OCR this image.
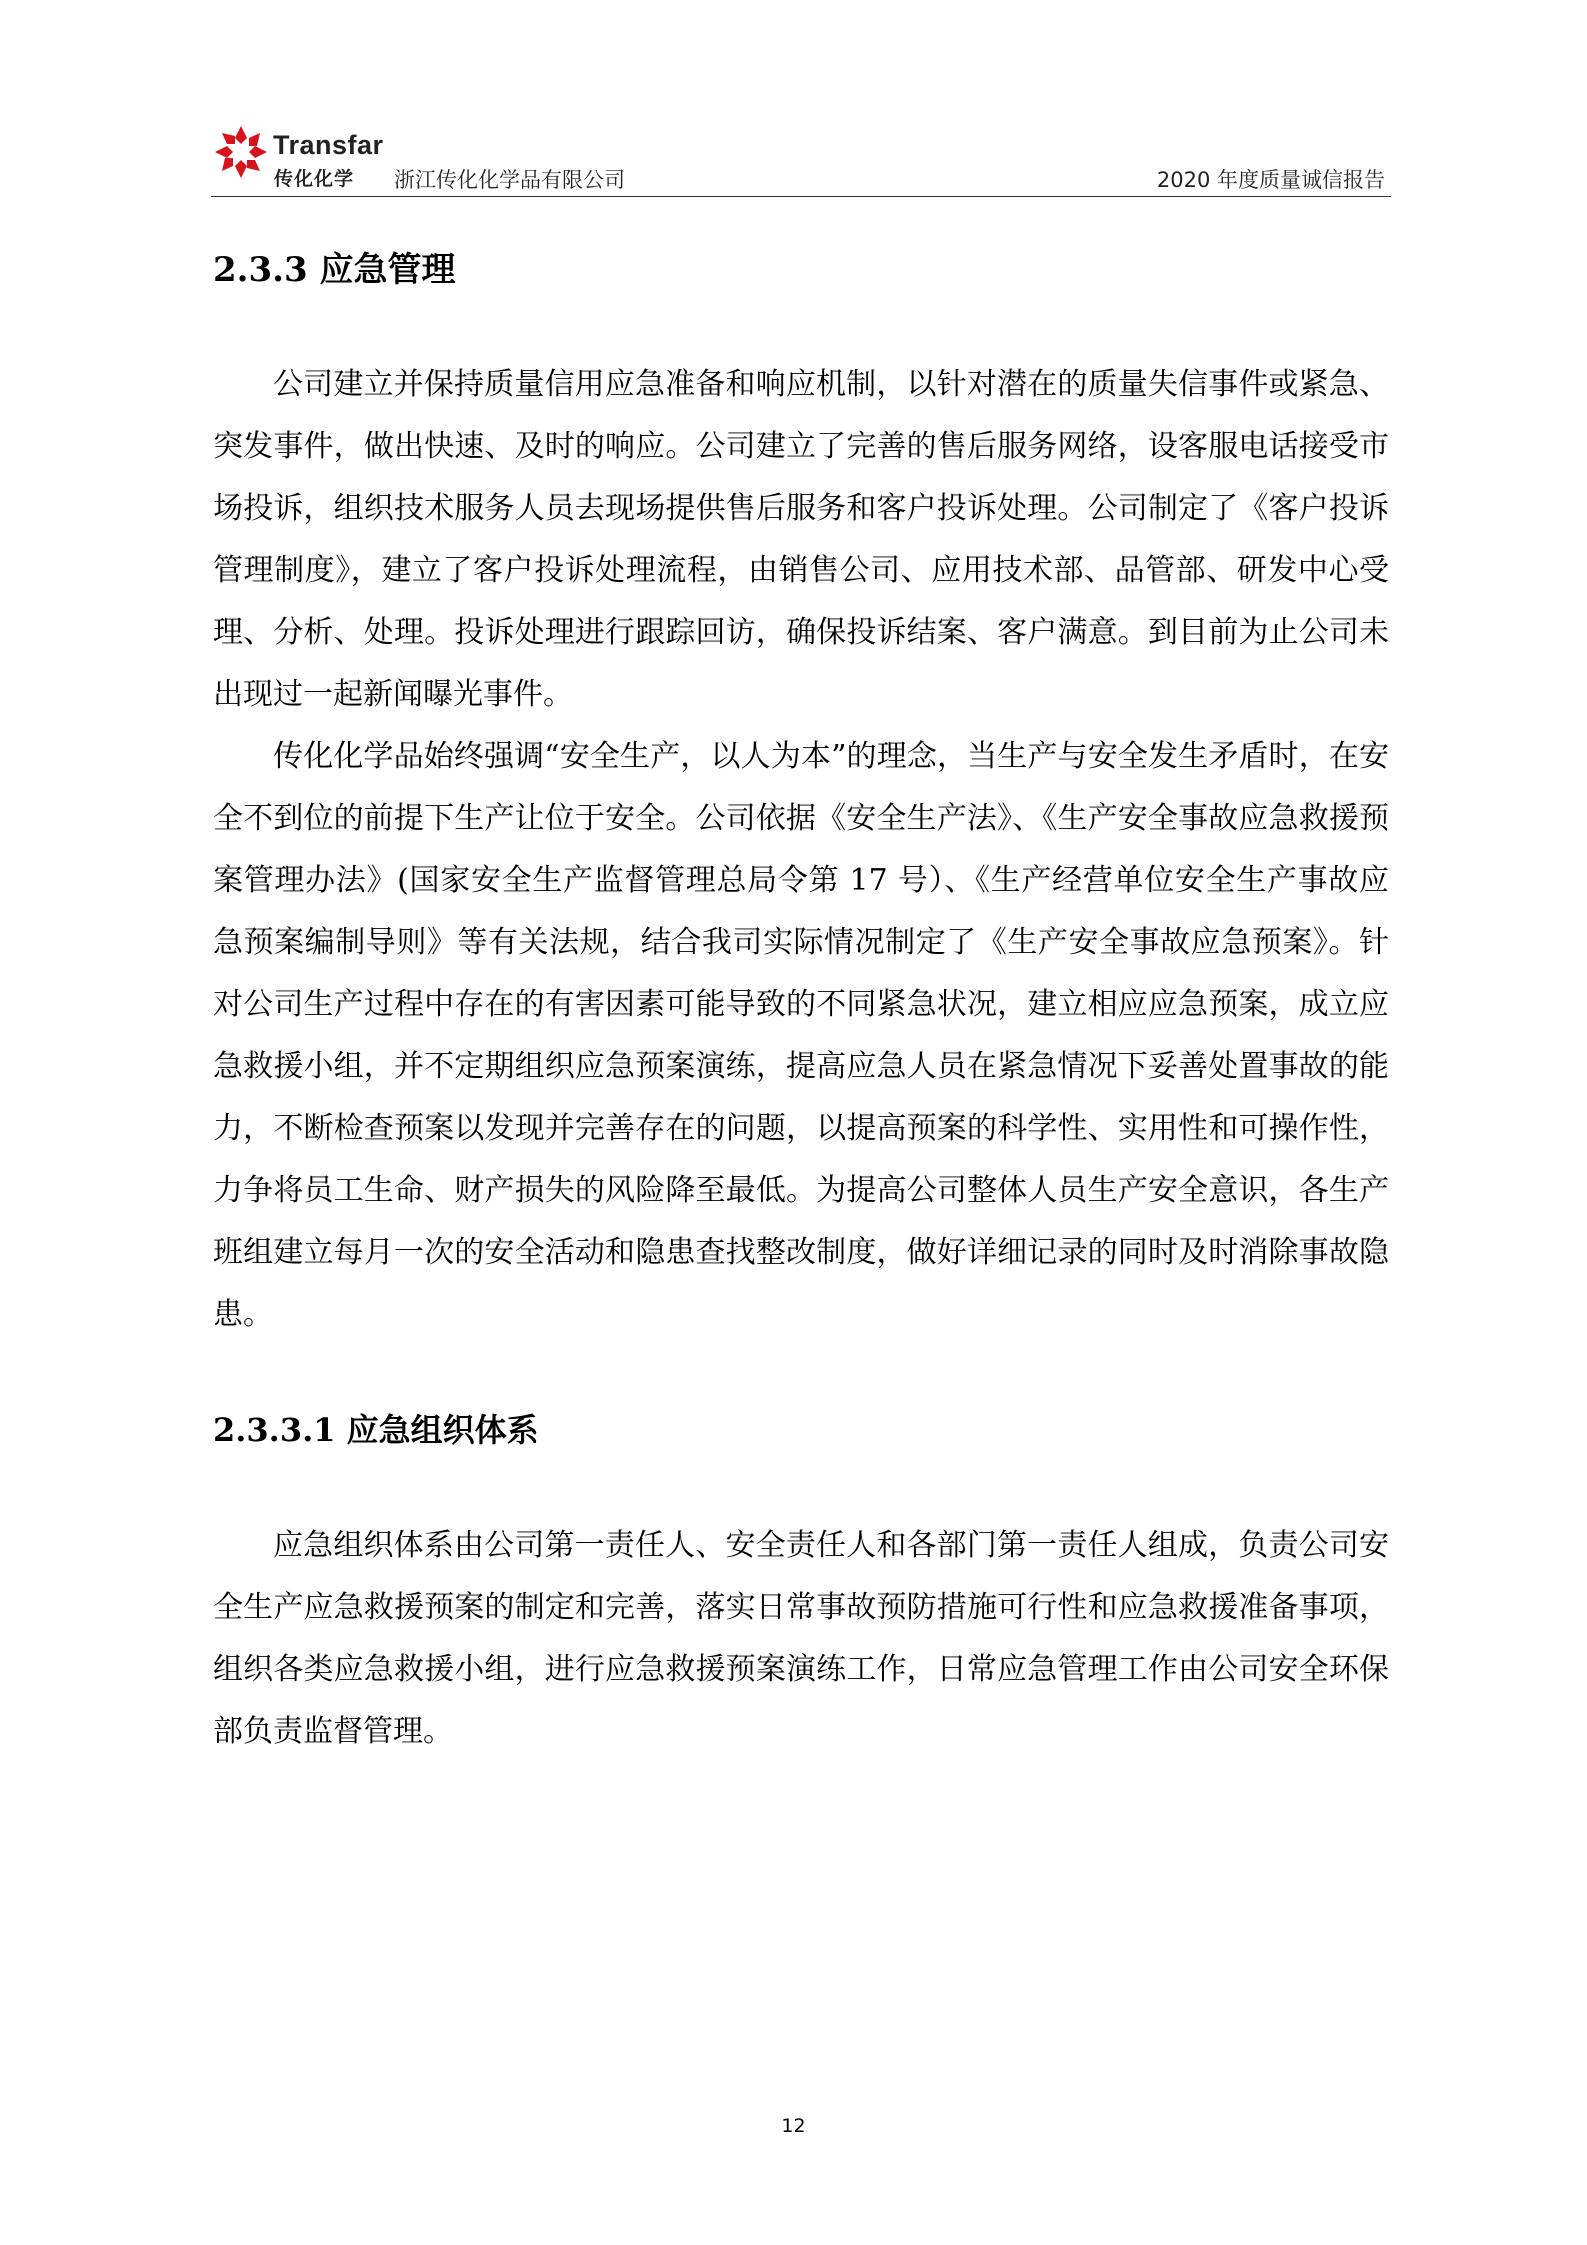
Transfar
传化化学 浙江传化化学品有限公司	2020 年度质量诚信报告
2.3.3 应急管理

公司建立并保持质量信用应急准备和响应机制，以针对潜在的质量失信事件或紧急、突发事件，做出快速、及时的响应。公司建立了完善的售后服务网络，设客服电话接受市场投诉，组织技术服务人员去现场提供售后服务和客户投诉处理。公司制定了《客户投诉管理制度》，建立了客户投诉处理流程，由销售公司、应用技术部、品管部、研发中心受理、分析、处理。投诉处理进行跟踪回访，确保投诉结案、客户满意。到目前为止公司未出现过一起新闻曝光事件。

传化化学品始终强调“安全生产，以人为本”的理念，当生产与安全发生矛盾时，在安全不到位的前提下生产让位于安全。公司依据《安全生产法》、《生产安全事故应急救援预案管理办法》(国家安全生产监督管理总局令第 17 号）、《生产经营单位安全生产事故应急预案编制导则》等有关法规，结合我司实际情况制定了《生产安全事故应急预案》。针对公司生产过程中存在的有害因素可能导致的不同紧急状况，建立相应应急预案，成立应急救援小组，并不定期组织应急预案演练，提高应急人员在紧急情况下妥善处置事故的能力，不断检查预案以发现并完善存在的问题，以提高预案的科学性、实用性和可操作性，力争将员工生命、财产损失的风险降至最低。为提高公司整体人员生产安全意识，各生产班组建立每月一次的安全活动和隐患查找整改制度，做好详细记录的同时及时消除事故隐患。

2.3.3.1 应急组织体系

应急组织体系由公司第一责任人、安全责任人和各部门第一责任人组成，负责公司安全生产应急救援预案的制定和完善，落实日常事故预防措施可行性和应急救援准备事项，组织各类应急救援小组，进行应急救援预案演练工作，日常应急管理工作由公司安全环保部负责监督管理。

12
